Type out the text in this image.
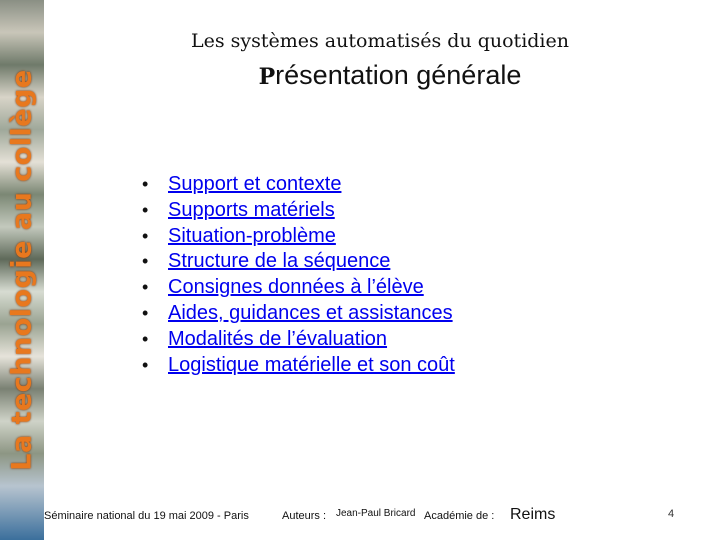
La technologie au collège
Les systèmes automatisés du quotidien
Présentation générale
• Support et contexte
• Supports matériels
• Situation-problème
• Structure de la séquence
• Consignes données à l’élève
• Aides, guidances et assistances
• Modalités de l’évaluation
• Logistique matérielle et son coût
Séminaire national du 19 mai 2009 - Paris	Auteurs : Jean-Paul Bricard Académie de : Reims	4
